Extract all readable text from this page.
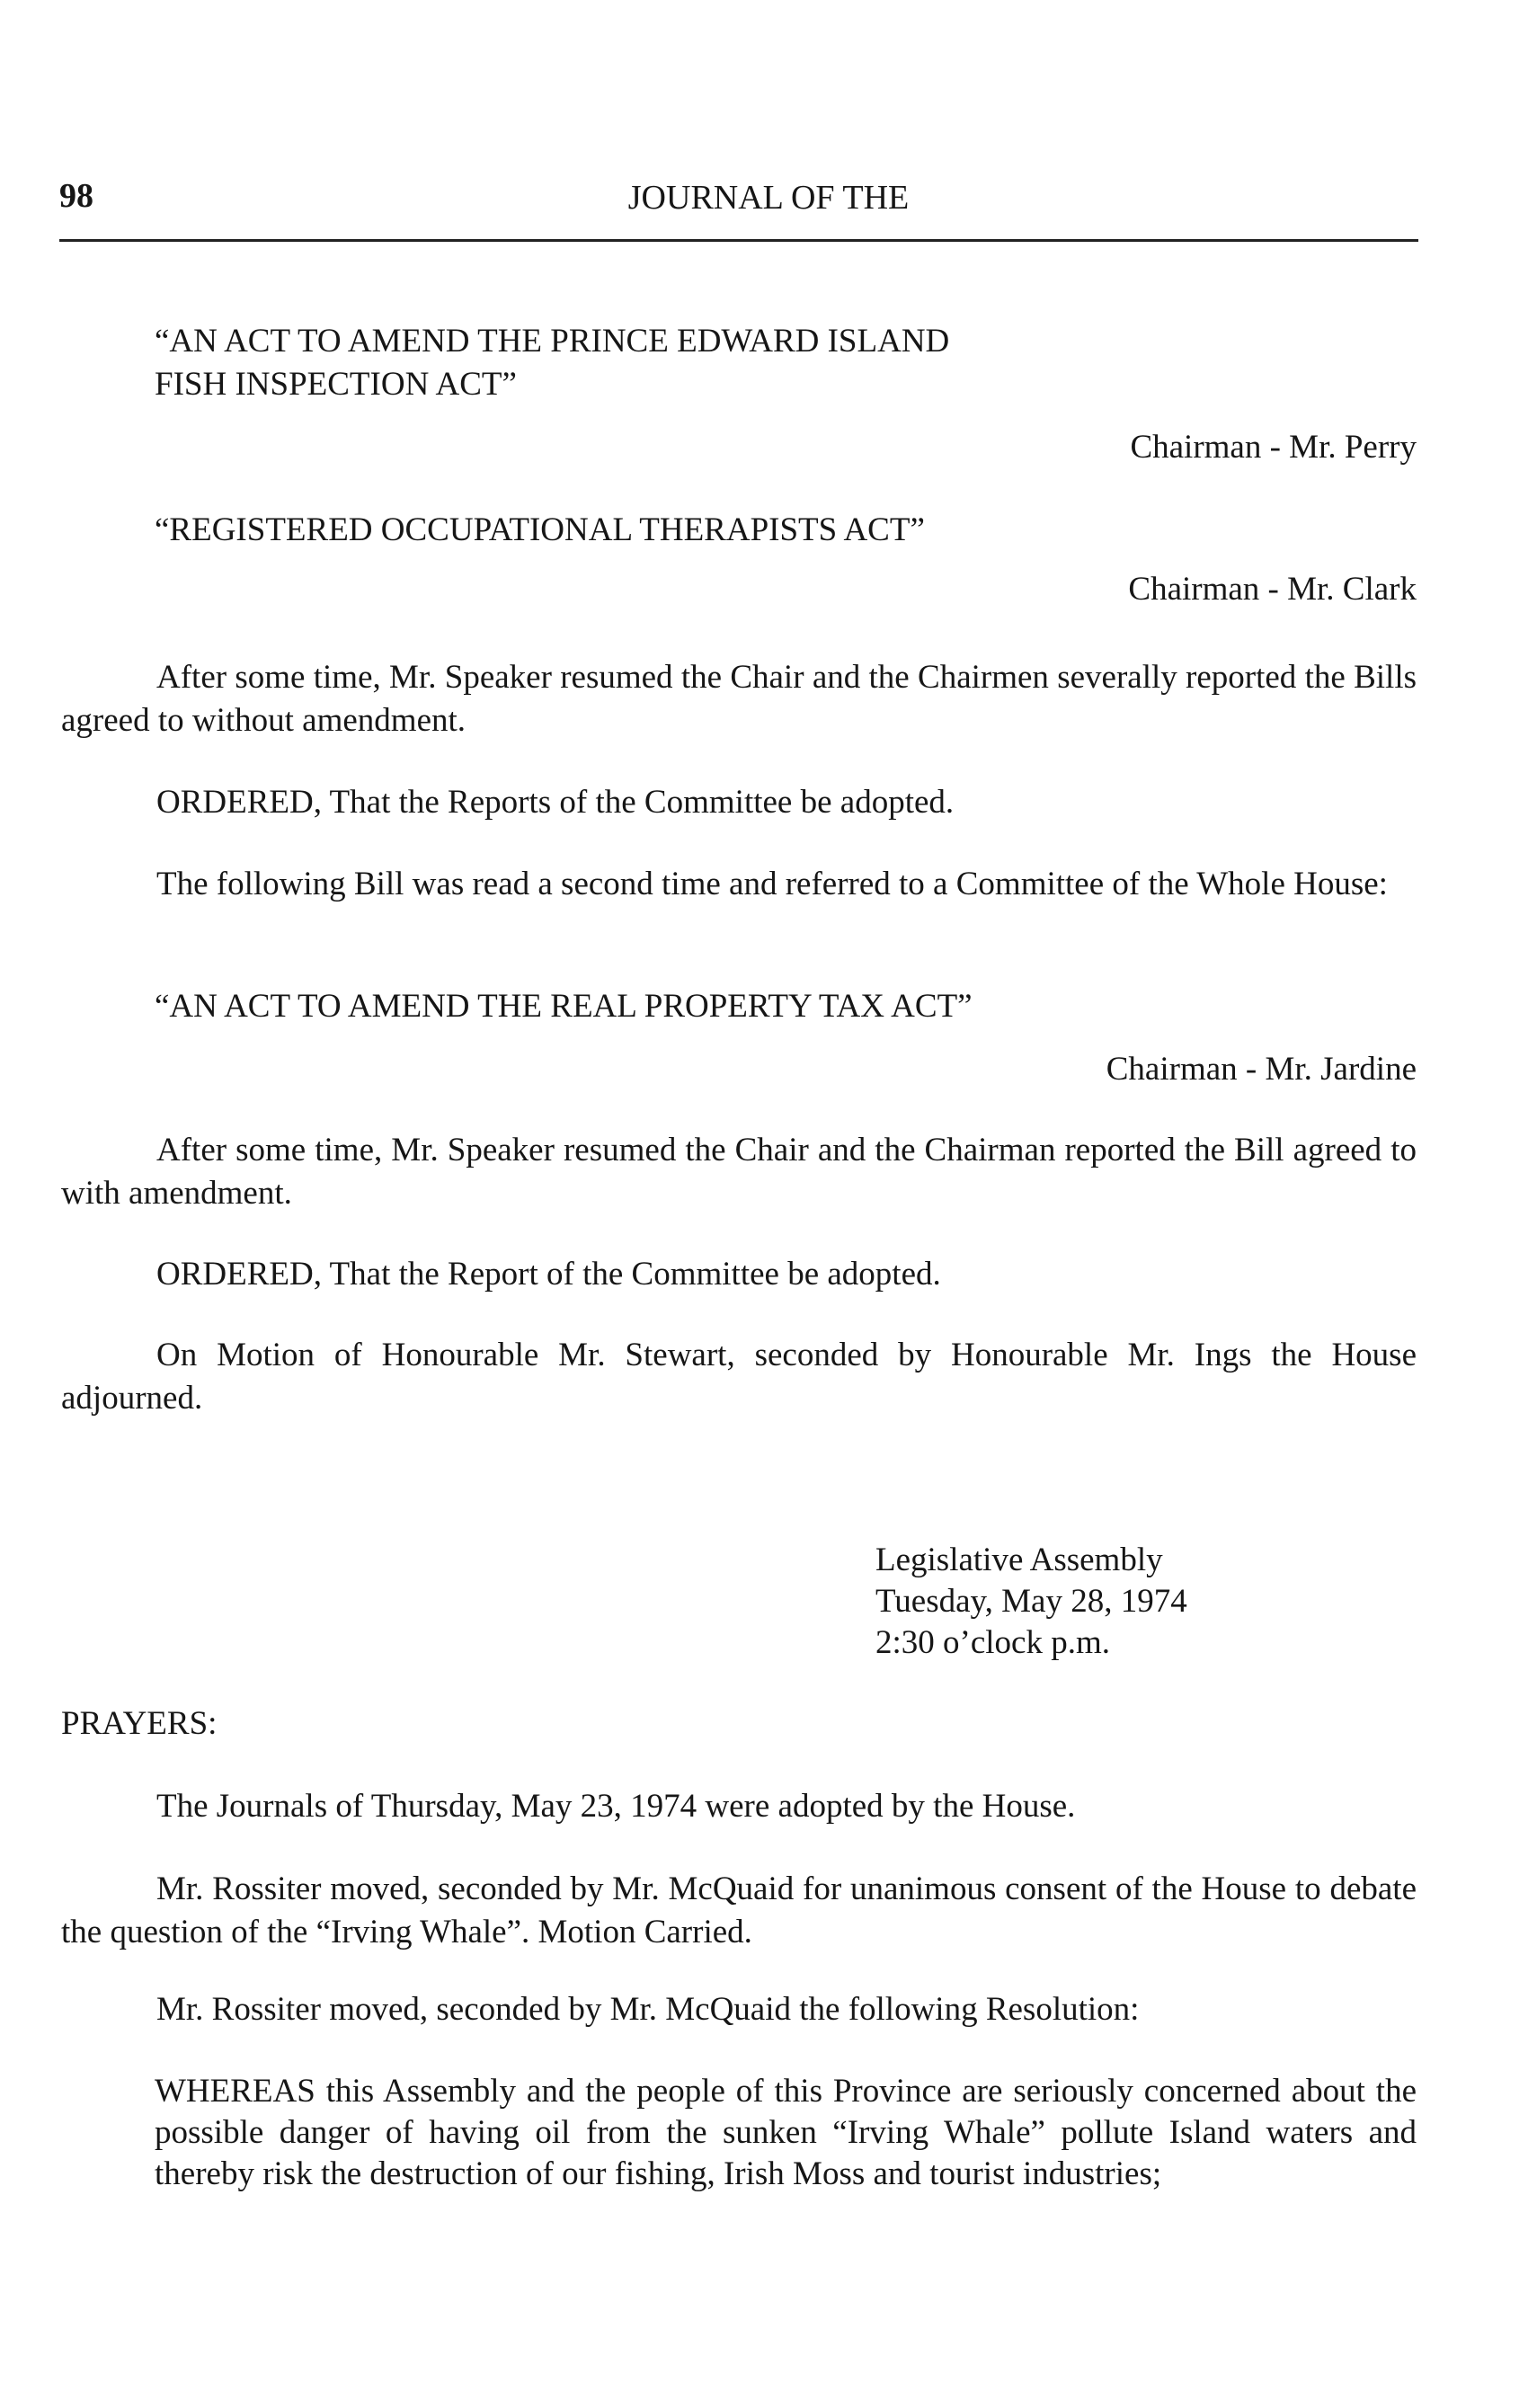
98	JOURNAL OF THE
“AN ACT TO AMEND THE PRINCE EDWARD ISLAND
FISH INSPECTION ACT”
Chairman - Mr. Perry
“REGISTERED OCCUPATIONAL THERAPISTS ACT”
Chairman - Mr. Clark
After some time, Mr. Speaker resumed the Chair and the Chairmen severally reported the Bills agreed to without amendment.
ORDERED, That the Reports of the Committee be adopted.
The following Bill was read a second time and referred to a Committee of the Whole House:
“AN ACT TO AMEND THE REAL PROPERTY TAX ACT”
Chairman - Mr. Jardine
After some time, Mr. Speaker resumed the Chair and the Chairman reported the Bill agreed to with amendment.
ORDERED, That the Report of the Committee be adopted.
On Motion of Honourable Mr. Stewart, seconded by Honourable Mr. Ings the House adjourned.
Legislative Assembly
Tuesday, May 28, 1974
2:30 o’clock p.m.
PRAYERS:
The Journals of Thursday, May 23, 1974 were adopted by the House.
Mr. Rossiter moved, seconded by Mr. McQuaid for unanimous consent of the House to debate the question of the “Irving Whale”. Motion Carried.
Mr. Rossiter moved, seconded by Mr. McQuaid the following Resolution:
WHEREAS this Assembly and the people of this Province are seriously concerned about the possible danger of having oil from the sunken “Irving Whale” pollute Island waters and thereby risk the destruction of our fishing, Irish Moss and tourist industries;
